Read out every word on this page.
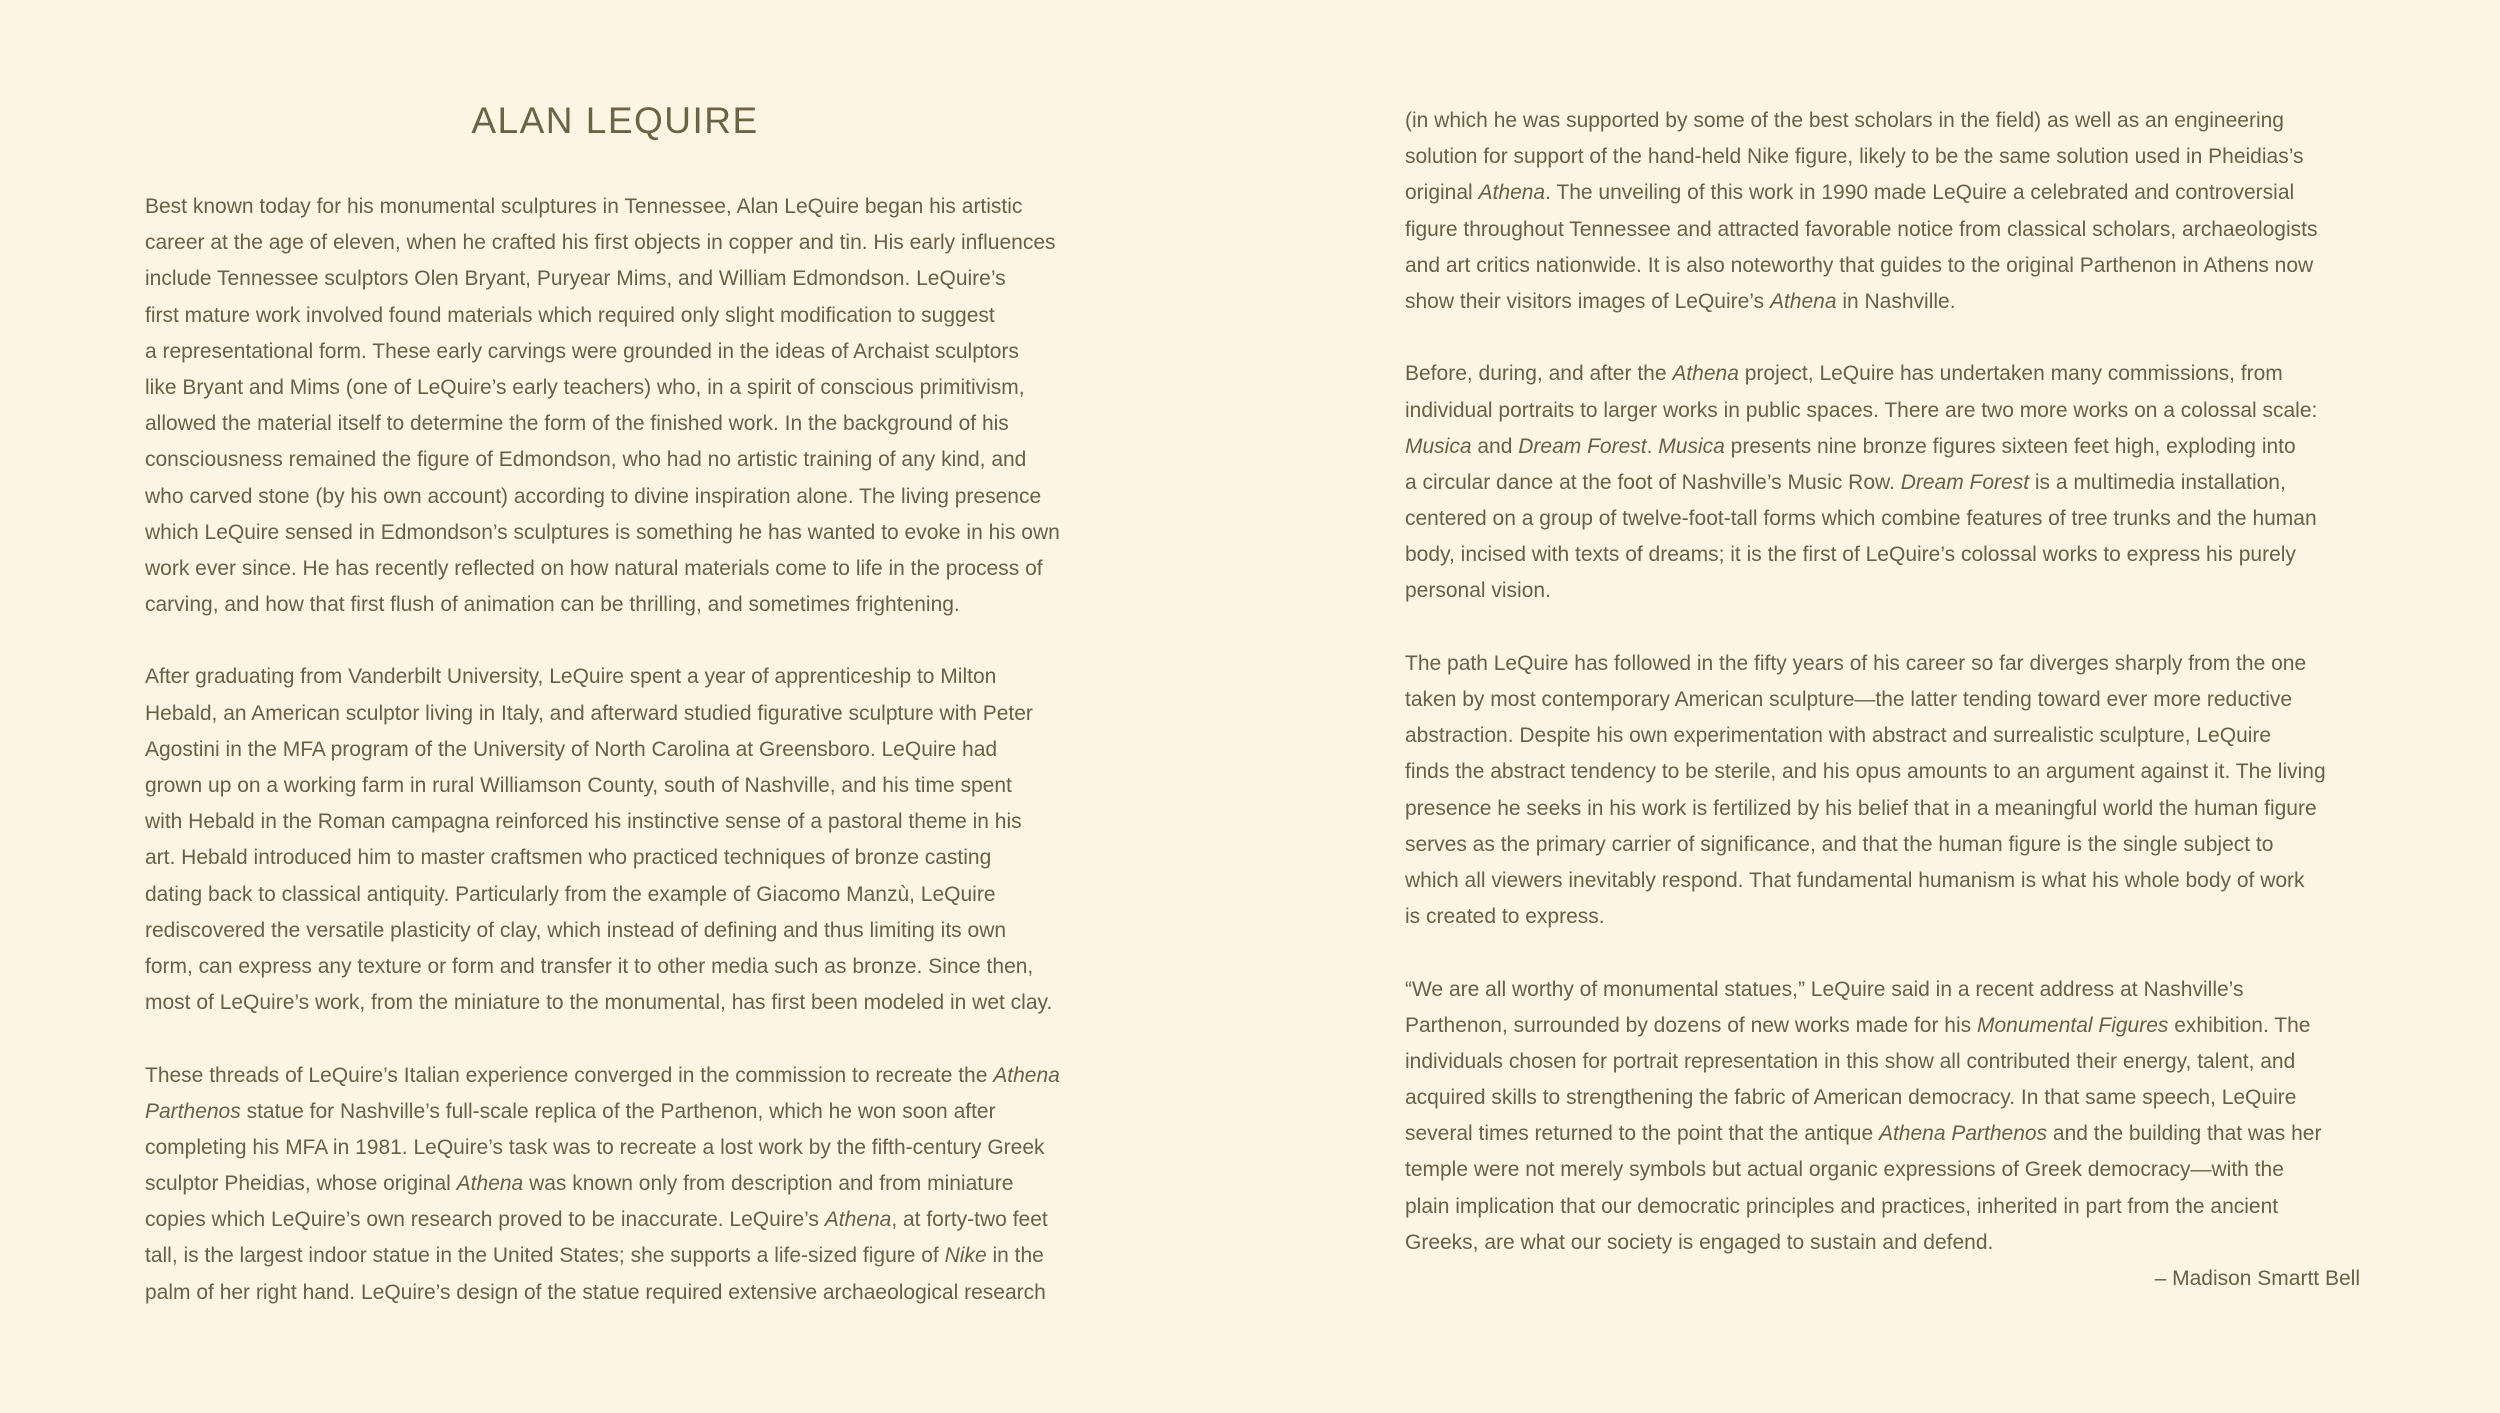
ALAN LEQUIRE
Best known today for his monumental sculptures in Tennessee, Alan LeQuire began his artistic
career at the age of eleven, when he crafted his first objects in copper and tin. His early influences
include Tennessee sculptors Olen Bryant, Puryear Mims, and William Edmondson. LeQuire’s
first mature work involved found materials which required only slight modification to suggest
a representational form. These early carvings were grounded in the ideas of Archaist sculptors
like Bryant and Mims (one of LeQuire’s early teachers) who, in a spirit of conscious primitivism,
allowed the material itself to determine the form of the finished work. In the background of his
consciousness remained the figure of Edmondson, who had no artistic training of any kind, and
who carved stone (by his own account) according to divine inspiration alone. The living presence
which LeQuire sensed in Edmondson’s sculptures is something he has wanted to evoke in his own
work ever since. He has recently reflected on how natural materials come to life in the process of
carving, and how that first flush of animation can be thrilling, and sometimes frightening.
After graduating from Vanderbilt University, LeQuire spent a year of apprenticeship to Milton
Hebald, an American sculptor living in Italy, and afterward studied figurative sculpture with Peter
Agostini in the MFA program of the University of North Carolina at Greensboro. LeQuire had
grown up on a working farm in rural Williamson County, south of Nashville, and his time spent
with Hebald in the Roman campagna reinforced his instinctive sense of a pastoral theme in his
art. Hebald introduced him to master craftsmen who practiced techniques of bronze casting
dating back to classical antiquity. Particularly from the example of Giacomo Manzù, LeQuire
rediscovered the versatile plasticity of clay, which instead of defining and thus limiting its own
form, can express any texture or form and transfer it to other media such as bronze. Since then,
most of LeQuire’s work, from the miniature to the monumental, has first been modeled in wet clay.
These threads of LeQuire’s Italian experience converged in the commission to recreate the Athena
Parthenos statue for Nashville’s full-scale replica of the Parthenon, which he won soon after
completing his MFA in 1981. LeQuire’s task was to recreate a lost work by the fifth-century Greek
sculptor Pheidias, whose original Athena was known only from description and from miniature
copies which LeQuire’s own research proved to be inaccurate. LeQuire’s Athena, at forty-two feet
tall, is the largest indoor statue in the United States; she supports a life-sized figure of Nike in the
palm of her right hand. LeQuire’s design of the statue required extensive archaeological research
(in which he was supported by some of the best scholars in the field) as well as an engineering
solution for support of the hand-held Nike figure, likely to be the same solution used in Pheidias’s
original Athena. The unveiling of this work in 1990 made LeQuire a celebrated and controversial
figure throughout Tennessee and attracted favorable notice from classical scholars, archaeologists
and art critics nationwide. It is also noteworthy that guides to the original Parthenon in Athens now
show their visitors images of LeQuire’s Athena in Nashville.
Before, during, and after the Athena project, LeQuire has undertaken many commissions, from
individual portraits to larger works in public spaces. There are two more works on a colossal scale:
Musica and Dream Forest. Musica presents nine bronze figures sixteen feet high, exploding into
a circular dance at the foot of Nashville’s Music Row. Dream Forest is a multimedia installation,
centered on a group of twelve-foot-tall forms which combine features of tree trunks and the human
body, incised with texts of dreams; it is the first of LeQuire’s colossal works to express his purely
personal vision.
The path LeQuire has followed in the fifty years of his career so far diverges sharply from the one
taken by most contemporary American sculpture—the latter tending toward ever more reductive
abstraction. Despite his own experimentation with abstract and surrealistic sculpture, LeQuire
finds the abstract tendency to be sterile, and his opus amounts to an argument against it. The living
presence he seeks in his work is fertilized by his belief that in a meaningful world the human figure
serves as the primary carrier of significance, and that the human figure is the single subject to
which all viewers inevitably respond. That fundamental humanism is what his whole body of work
is created to express.
“We are all worthy of monumental statues,” LeQuire said in a recent address at Nashville’s
Parthenon, surrounded by dozens of new works made for his Monumental Figures exhibition. The
individuals chosen for portrait representation in this show all contributed their energy, talent, and
acquired skills to strengthening the fabric of American democracy. In that same speech, LeQuire
several times returned to the point that the antique Athena Parthenos and the building that was her
temple were not merely symbols but actual organic expressions of Greek democracy—with the
plain implication that our democratic principles and practices, inherited in part from the ancient
Greeks, are what our society is engaged to sustain and defend.
– Madison Smartt Bell
